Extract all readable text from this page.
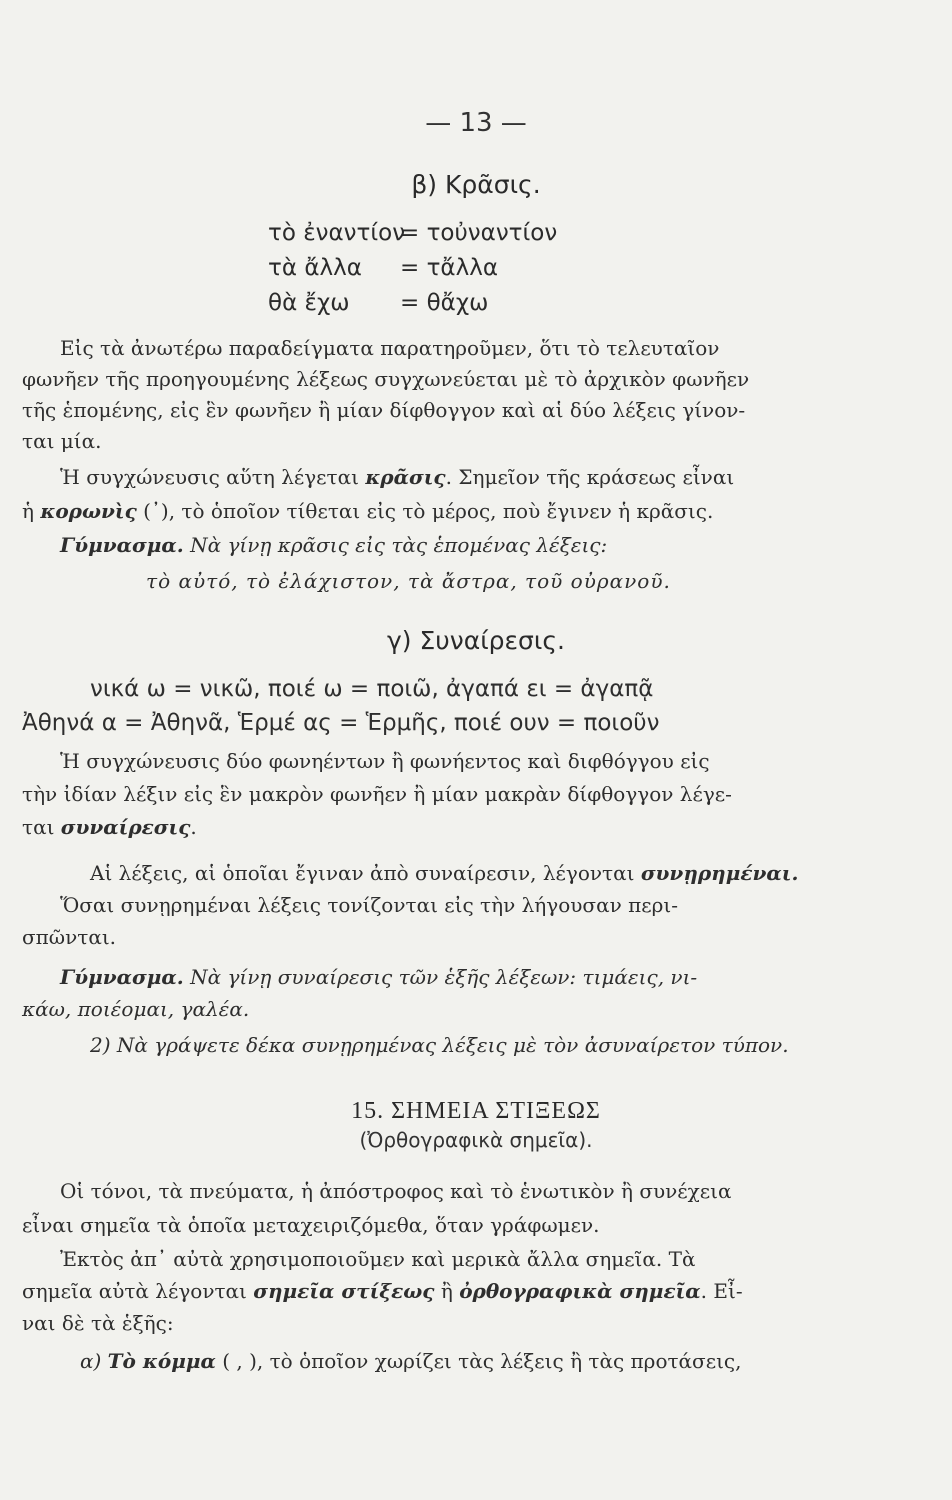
— 13 —
β) Κρᾶσις.
τὸ ἐναντίον
= τοὐναντίον
τὰ ἄλλα = τἄλλα
θὰ ἔχω = θἄχω
Εἰς τὰ ἀνωτέρω παραδείγματα παρατηροῦμεν, ὅτι τὸ τελευταῖον
φωνῆεν τῆς προηγουμένης λέξεως συγχωνεύεται μὲ τὸ ἀρχικὸν φωνῆεν
τῆς ἑπομένης, εἰς ἓν φωνῆεν ἢ μίαν δίφθογγον καὶ αἱ δύο λέξεις γίνον-
ται μία.
Ἡ συγχώνευσις αὕτη λέγεται κρᾶσις. Σημεῖον τῆς κράσεως εἶναι
ἡ κορωνὶς (᾽), τὸ ὁποῖον τίθεται εἰς τὸ μέρος, ποὺ ἔγινεν ἡ κρᾶσις.
Γύμνασμα. Νὰ γίνῃ κρᾶσις εἰς τὰς ἑπομένας λέξεις:
τὸ αὐτό, τὸ ἐλάχιστον, τὰ ἄστρα, τοῦ οὐρανοῦ.
γ) Συναίρεσις.
νικά ω = νικῶ, ποιέ ω = ποιῶ, ἀγαπά ει = ἀγαπᾷ
Ἀθηνά α = Ἀθηνᾶ, Ἑρμέ ας = Ἑρμῆς, ποιέ ουν = ποιοῦν
Ἡ συγχώνευσις δύο φωνηέντων ἢ φωνήεντος καὶ διφθόγγου εἰς
τὴν ἰδίαν λέξιν εἰς ἓν μακρὸν φωνῆεν ἢ μίαν μακρὰν δίφθογγον λέγε-
ται συναίρεσις.
Αἱ λέξεις, αἱ ὁποῖαι ἔγιναν ἀπὸ συναίρεσιν, λέγονται συνῃρημέναι.
Ὅσαι συνῃρημέναι λέξεις τονίζονται εἰς τὴν λήγουσαν περι-
σπῶνται.
Γύμνασμα. Νὰ γίνῃ συναίρεσις τῶν ἑξῆς λέξεων: τιμάεις, νι-
κάω, ποιέομαι, γαλέα.
2) Νὰ γράψετε δέκα συνῃρημένας λέξεις μὲ τὸν ἀσυναίρετον τύπον.
15. ΣΗΜΕΙΑ ΣΤΙΞΕΩΣ
(Ὀρθογραφικὰ σημεῖα).
Οἱ τόνοι, τὰ πνεύματα, ἡ ἀπόστροφος καὶ τὸ ἑνωτικὸν ἢ συνέχεια
εἶναι σημεῖα τὰ ὁποῖα μεταχειριζόμεθα, ὅταν γράφωμεν.
Ἐκτὸς ἀπ᾽ αὐτὰ χρησιμοποιοῦμεν καὶ μερικὰ ἄλλα σημεῖα. Τὰ
σημεῖα αὐτὰ λέγονται σημεῖα στίξεως ἢ ὀρθογραφικὰ σημεῖα. Εἶ-
ναι δὲ τὰ ἑξῆς:
α) Τὸ κόμμα ( , ), τὸ ὁποῖον χωρίζει τὰς λέξεις ἢ τὰς προτάσεις,
